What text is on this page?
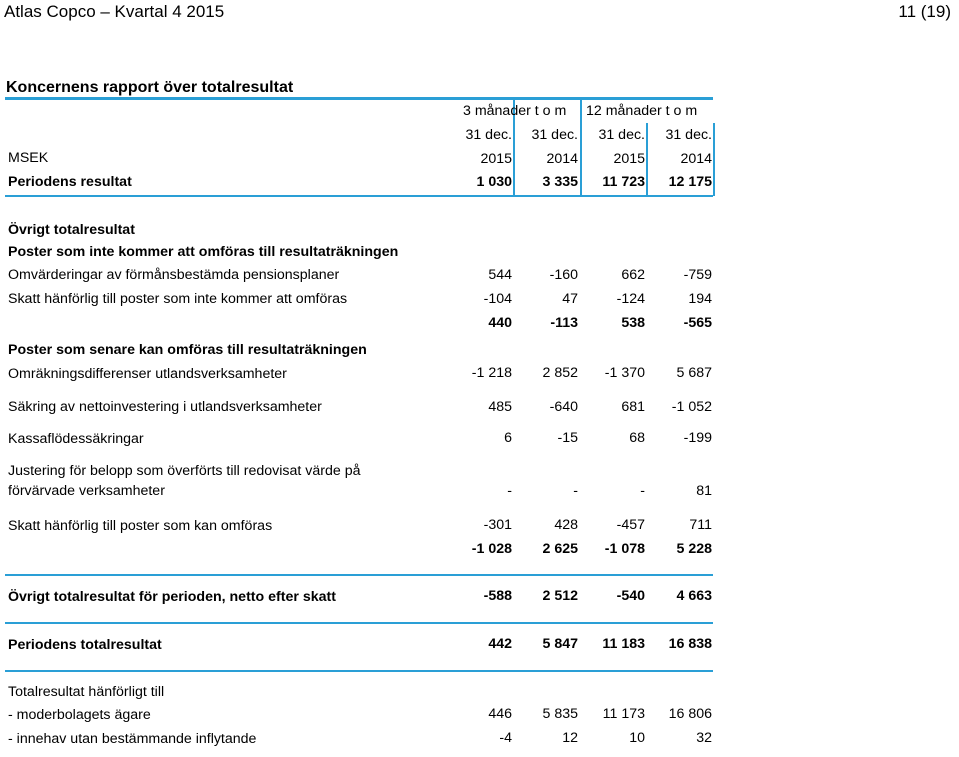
Atlas Copco – Kvartal 4 2015	11 (19)
Koncernens rapport över totalresultat
3 månader t o m 12 månader t o m
31 dec.	31 dec.	31 dec.	31 dec.
MSEK	2015	2014	2015	2014
Periodens resultat	1 030	3 335	11 723	12 175
Övrigt totalresultat
Poster som inte kommer att omföras till resultaträkningen
Omvärderingar av förmånsbestämda pensionsplaner	544	-160	662	-759
Skatt hänförlig till poster som inte kommer att omföras	-104	47	-124	194
440	-113	538	-565
Poster som senare kan omföras till resultaträkningen
Omräkningsdifferenser utlandsverksamheter	-1 218	2 852	-1 370	5 687
Säkring av nettoinvestering i utlandsverksamheter	485	-640	681	-1 052
Kassaflödessäkringar	6	-15	68	-199
Justering för belopp som överförts till redovisat värde på
förvärvade verksamheter	-	-	-	81
Skatt hänförlig till poster som kan omföras	-301	428	-457	711
-1 028	2 625	-1 078	5 228
Övrigt totalresultat för perioden, netto efter skatt	-588	2 512	-540	4 663
Periodens totalresultat	442	5 847	11 183	16 838
Totalresultat hänförligt till
- moderbolagets ägare	446	5 835	11 173	16 806
- innehav utan bestämmande inflytande	-4	12	10	32
